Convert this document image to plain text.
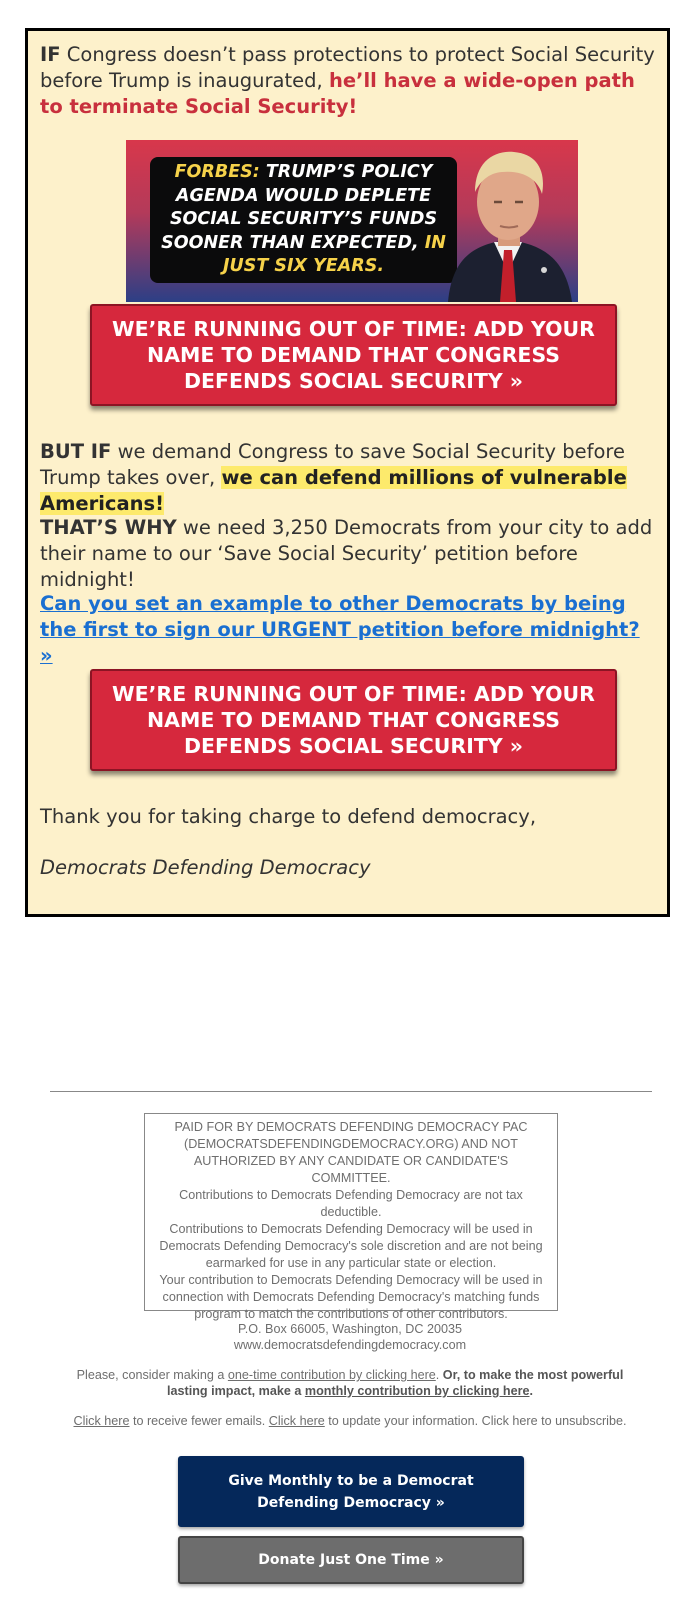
IF Congress doesn’t pass protections to protect Social Security before Trump is inaugurated, he’ll have a wide-open path to terminate Social Security!

FORBES: TRUMP’S POLICY AGENDA WOULD DEPLETE SOCIAL SECURITY’S FUNDS SOONER THAN EXPECTED, IN JUST SIX YEARS.
WE’RE RUNNING OUT OF TIME: ADD YOUR NAME TO DEMAND THAT CONGRESS DEFENDS SOCIAL SECURITY »

BUT IF we demand Congress to save Social Security before Trump takes over, we can defend millions of vulnerable Americans!

THAT’S WHY we need 3,250 Democrats from your city to add their name to our ‘Save Social Security’ petition before midnight!

Can you set an example to other Democrats by being the first to sign our URGENT petition before midnight? »

WE’RE RUNNING OUT OF TIME: ADD YOUR NAME TO DEMAND THAT CONGRESS DEFENDS SOCIAL SECURITY »

Thank you for taking charge to defend democracy,

Democrats Defending Democracy

PAID FOR BY DEMOCRATS DEFENDING DEMOCRACY PAC (DEMOCRATSDEFENDINGDEMOCRACY.ORG) AND NOT AUTHORIZED BY ANY CANDIDATE OR CANDIDATE'S COMMITTEE.
Contributions to Democrats Defending Democracy are not tax deductible.
Contributions to Democrats Defending Democracy will be used in Democrats Defending Democracy's sole discretion and are not being earmarked for use in any particular state or election.
Your contribution to Democrats Defending Democracy will be used in connection with Democrats Defending Democracy's matching funds program to match the contributions of other contributors.
P.O. Box 66005, Washington, DC 20035
www.democratsdefendingdemocracy.com
Please, consider making a one-time contribution by clicking here. Or, to make the most powerful lasting impact, make a monthly contribution by clicking here.
Click here to receive fewer emails. Click here to update your information. Click here to unsubscribe.
Give Monthly to be a Democrat Defending Democracy »
Donate Just One Time »
